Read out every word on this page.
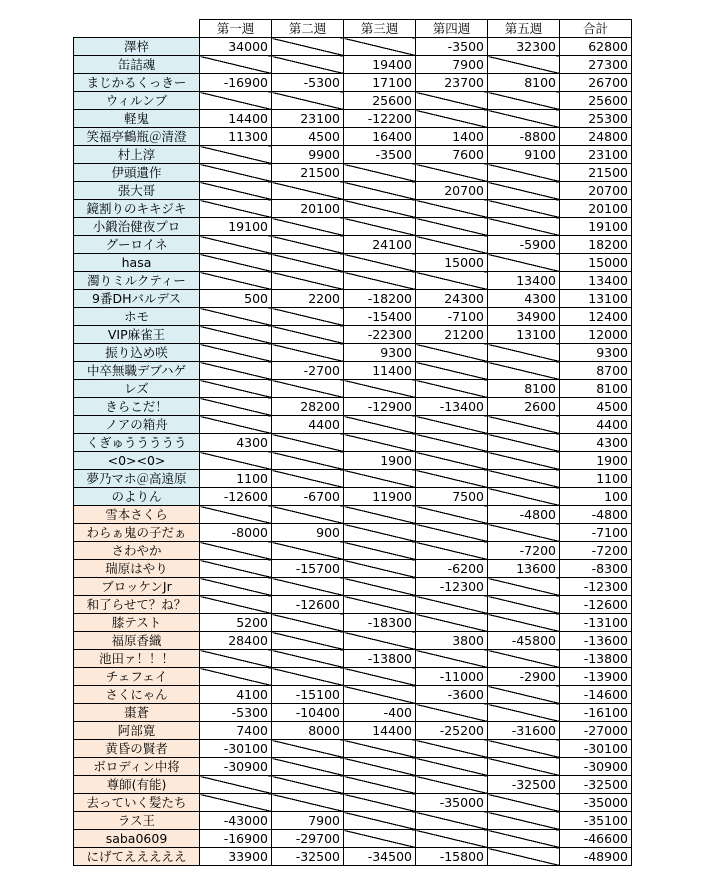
	第一週	第二週	第三週	第四週	第五週	合計
澤梓	34000			-3500	32300	62800
缶詰魂			19400	7900		27300
まじかるくっきー	-16900	-5300	17100	23700	8100	26700
ウィルンブ			25600			25600
軽鬼	14400	23100	-12200			25300
笑福亭鶴瓶＠清澄	11300	4500	16400	1400	-8800	24800
村上淳		9900	-3500	7600	9100	23100
伊頭遺作		21500				21500
張大哥				20700		20700
鏡割りのキキジキ		20100				20100
小鍛治健夜プロ	19100					19100
グーロイネ			24100		-5900	18200
hasa				15000		15000
濁りミルクティー					13400	13400
9番DHバルデス	500	2200	-18200	24300	4300	13100
ホモ			-15400	-7100	34900	12400
VIP麻雀王			-22300	21200	13100	12000
振り込め咲			9300			9300
中卒無職デブハゲ		-2700	11400			8700
レズ					8100	8100
きらこだ！		28200	-12900	-13400	2600	4500
ノアの箱舟		4400				4400
くぎゅううううう	4300					4300
<0><0>			1900			1900
夢乃マホ＠高遠原	1100					1100
のよりん	-12600	-6700	11900	7500		100
雪本さくら					-4800	-4800
わらぁ鬼の子だぁ	-8000	900				-7100
さわやか					-7200	-7200
瑞原はやり		-15700		-6200	13600	-8300
ブロッケンJr				-12300		-12300
和了らせて？ね？		-12600				-12600
膝テスト	5200		-18300			-13100
福原香織	28400			3800	-45800	-13600
池田ァ！！！			-13800			-13800
チェフェイ				-11000	-2900	-13900
さくにゃん	4100	-15100		-3600		-14600
棗蒼	-5300	-10400	-400			-16100
阿部寛	7400	8000	14400	-25200	-31600	-27000
黄昏の賢者	-30100					-30100
ボロディン中将	-30900					-30900
尊師(有能)					-32500	-32500
去っていく髪たち				-35000		-35000
ラス王	-43000	7900				-35100
saba0609	-16900	-29700				-46600
にげてえええええ	33900	-32500	-34500	-15800		-48900
